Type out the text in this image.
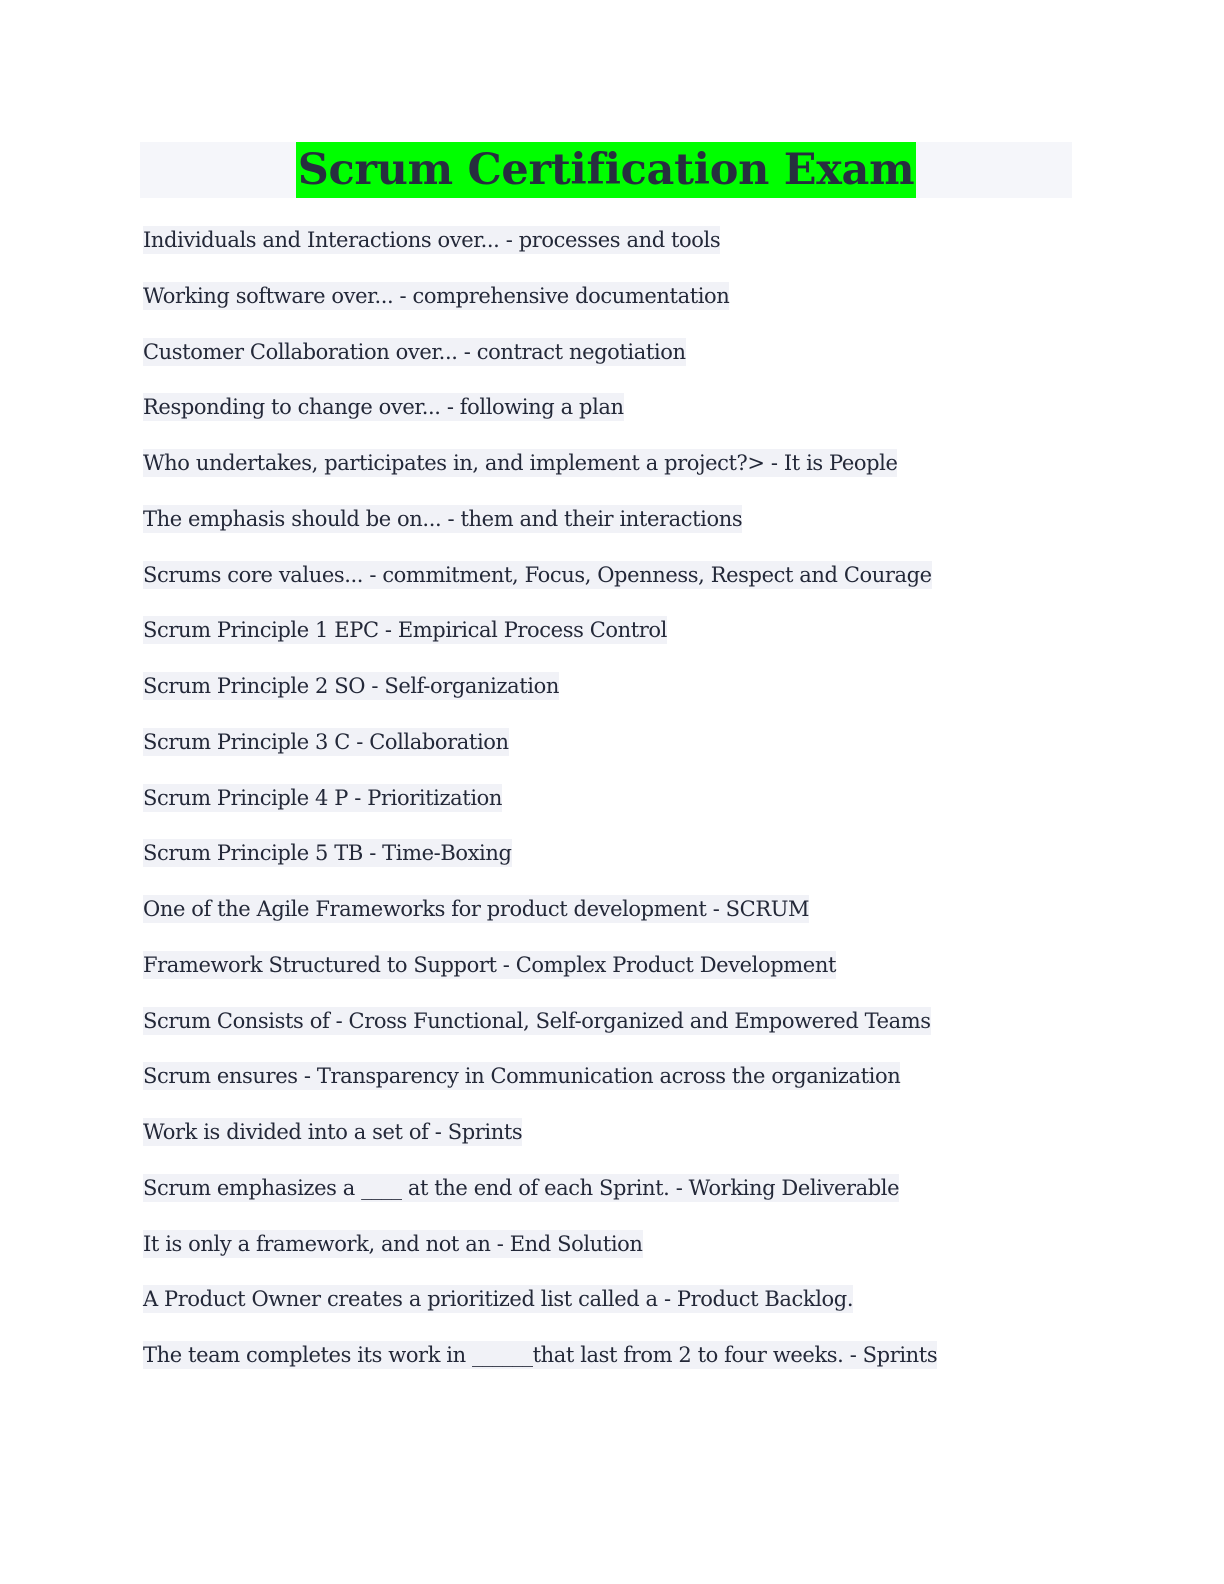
Scrum Certification Exam
Individuals and Interactions over... - processes and tools
Working software over... - comprehensive documentation
Customer Collaboration over... - contract negotiation
Responding to change over... - following a plan
Who undertakes, participates in, and implement a project?> - It is People
The emphasis should be on... - them and their interactions
Scrums core values... - commitment, Focus, Openness, Respect and Courage
Scrum Principle 1 EPC - Empirical Process Control
Scrum Principle 2 SO - Self-organization
Scrum Principle 3 C - Collaboration
Scrum Principle 4 P - Prioritization
Scrum Principle 5 TB - Time-Boxing
One of the Agile Frameworks for product development - SCRUM
Framework Structured to Support - Complex Product Development
Scrum Consists of - Cross Functional, Self-organized and Empowered Teams
Scrum ensures - Transparency in Communication across the organization
Work is divided into a set of - Sprints
Scrum emphasizes a ____ at the end of each Sprint. - Working Deliverable
It is only a framework, and not an - End Solution
A Product Owner creates a prioritized list called a - Product Backlog.
The team completes its work in ______that last from 2 to four weeks. - Sprints
